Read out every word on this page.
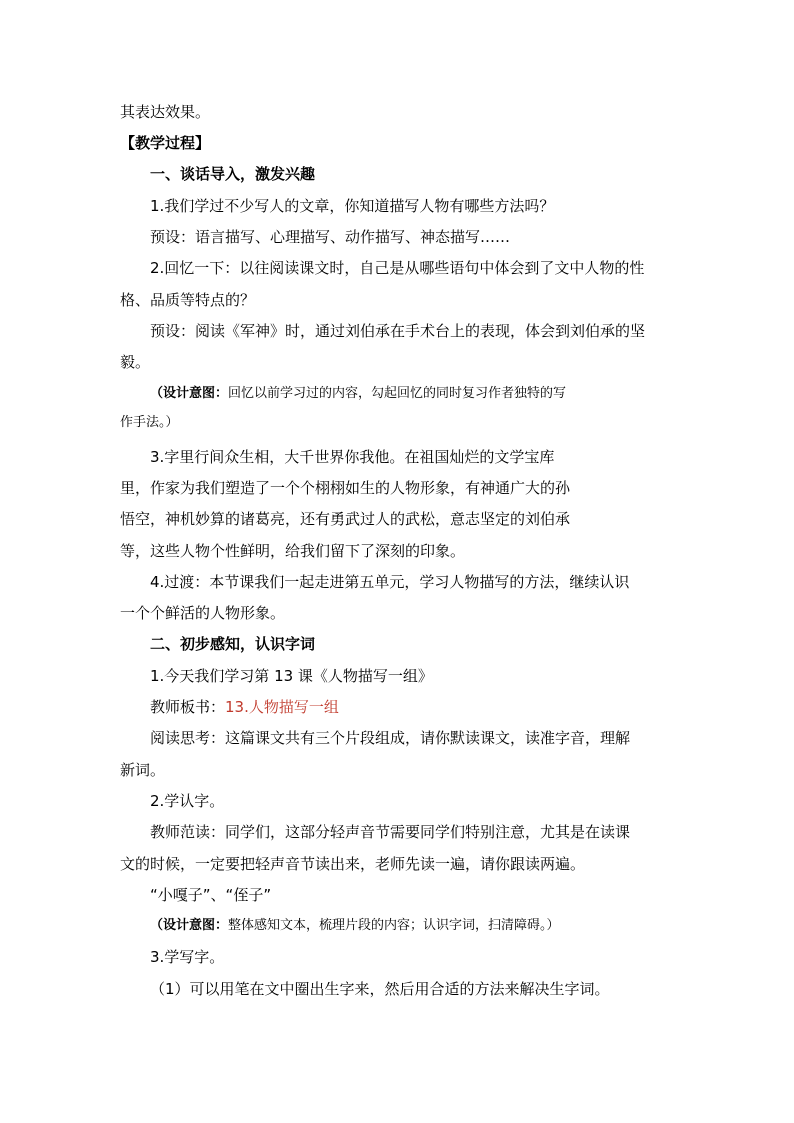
其表达效果。
【教学过程】
一、谈话导入，激发兴趣
1.我们学过不少写人的文章，你知道描写人物有哪些方法吗？
预设：语言描写、心理描写、动作描写、神态描写……
2.回忆一下：以往阅读课文时，自己是从哪些语句中体会到了文中人物的性
格、品质等特点的？
预设：阅读《军神》时，通过刘伯承在手术台上的表现，体会到刘伯承的坚
毅。
（设计意图：回忆以前学习过的内容，勾起回忆的同时复习作者独特的写
作手法。）
3.字里行间众生相，大千世界你我他。在祖国灿烂的文学宝库
里，作家为我们塑造了一个个栩栩如生的人物形象，有神通广大的孙
悟空，神机妙算的诸葛亮，还有勇武过人的武松，意志坚定的刘伯承
等，这些人物个性鲜明，给我们留下了深刻的印象。
4.过渡：本节课我们一起走进第五单元，学习人物描写的方法，继续认识
一个个鲜活的人物形象。
二、初步感知，认识字词
1.今天我们学习第 13 课《人物描写一组》
教师板书：13.人物描写一组
阅读思考：这篇课文共有三个片段组成，请你默读课文，读准字音，理解
新词。
2.学认字。
教师范读：同学们，这部分轻声音节需要同学们特别注意，尤其是在读课
文的时候，一定要把轻声音节读出来，老师先读一遍，请你跟读两遍。
“小嘎子”、“侄子”
（设计意图：整体感知文本，梳理片段的内容；认识字词，扫清障碍。）
3.学写字。
（1）可以用笔在文中圈出生字来，然后用合适的方法来解决生字词。
